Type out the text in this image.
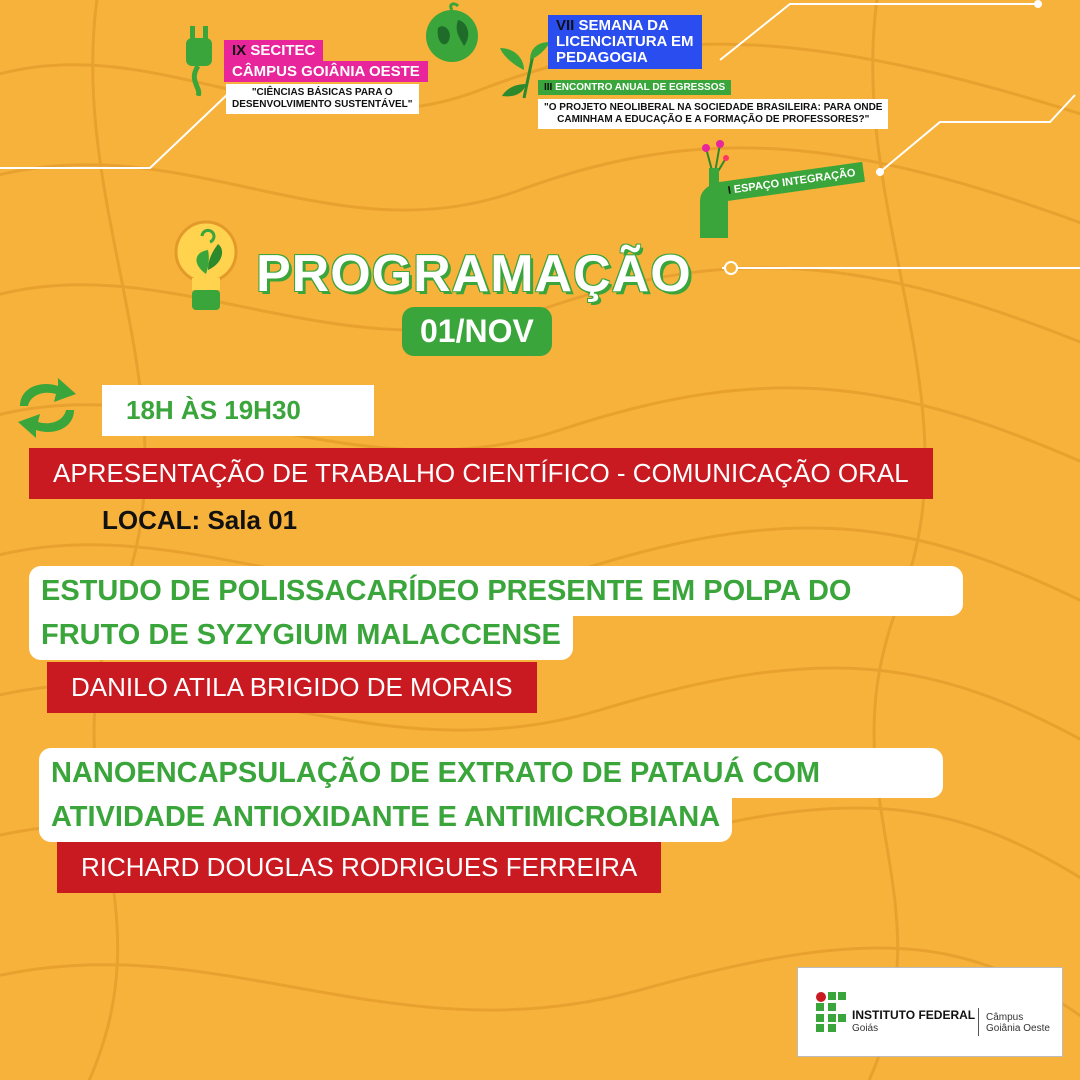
IX SECITEC

CÂMPUS GOIÂNIA OESTE
"CIÊNCIAS BÁSICAS PARA O
DESENVOLVIMENTO SUSTENTÁVEL"
VII SEMANA DA
LICENCIATURA EM
PEDAGOGIA
III ENCONTRO ANUAL DE EGRESSOS
"O PROJETO NEOLIBERAL NA SOCIEDADE BRASILEIRA: PARA ONDE
CAMINHAM A EDUCAÇÃO E A FORMAÇÃO DE PROFESSORES?"
I ESPAÇO INTEGRAÇÃO
PROGRAMAÇÃO
01/NOV
18H ÀS 19H30
APRESENTAÇÃO DE TRABALHO CIENTÍFICO - COMUNICAÇÃO ORAL
LOCAL: Sala 01
ESTUDO DE POLISSACARÍDEO PRESENTE EM POLPA DO
FRUTO DE SYZYGIUM MALACCENSE
DANILO ATILA BRIGIDO DE MORAIS
NANOENCAPSULAÇÃO DE EXTRATO DE PATAUÁ COM
ATIVIDADE ANTIOXIDANTE E ANTIMICROBIANA
RICHARD DOUGLAS RODRIGUES FERREIRA
INSTITUTO FEDERAL
Goiás
Câmpus
Goiânia Oeste
